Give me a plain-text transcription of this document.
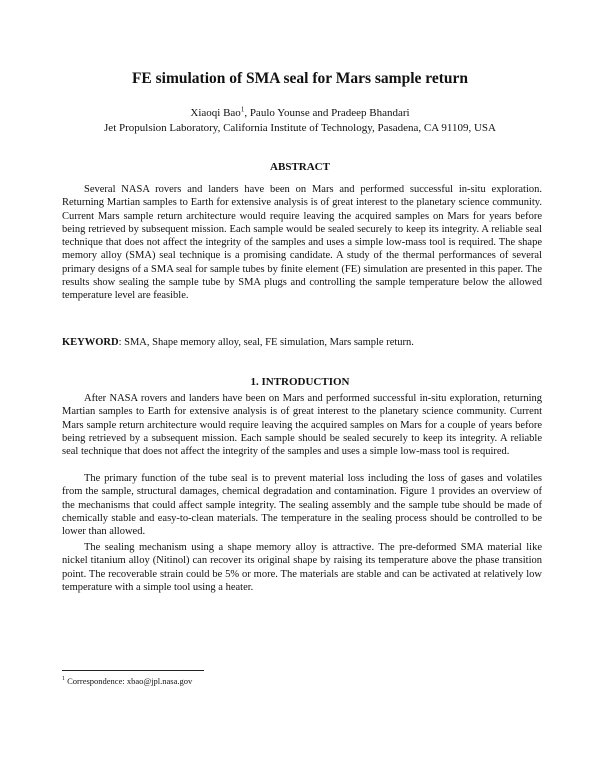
FE simulation of SMA seal for Mars sample return
Xiaoqi Bao$^1$, Paulo Younse and Pradeep Bhandari
Jet Propulsion Laboratory, California Institute of Technology, Pasadena, CA 91109, USA
ABSTRACT

Several NASA rovers and landers have been on Mars and performed successful in-situ exploration. Returning Martian samples to Earth for extensive analysis is of great interest to the planetary science community. Current Mars sample return architecture would require leaving the acquired samples on Mars for years before being retrieved by subsequent mission. Each sample would be sealed securely to keep its integrity. A reliable seal technique that does not affect the integrity of the samples and uses a simple low-mass tool is required. The shape memory alloy (SMA) seal technique is a promising candidate. A study of the thermal performances of several primary designs of a SMA seal for sample tubes by finite element (FE) simulation are presented in this paper. The results show sealing the sample tube by SMA plugs and controlling the sample temperature below the allowed temperature level are feasible.

KEYWORD: SMA, Shape memory alloy, seal, FE simulation, Mars sample return.

1. INTRODUCTION

After NASA rovers and landers have been on Mars and performed successful in-situ exploration, returning Martian samples to Earth for extensive analysis is of great interest to the planetary science community. Current Mars sample return architecture would require leaving the acquired samples on Mars for a couple of years before being retrieved by a subsequent mission. Each sample should be sealed securely to keep its integrity. A reliable seal technique that does not affect the integrity of the samples and uses a simple low-mass tool is required.

The primary function of the tube seal is to prevent material loss including the loss of gases and volatiles from the sample, structural damages, chemical degradation and contamination. Figure 1 provides an overview of the mechanisms that could affect sample integrity. The sealing assembly and the sample tube should be made of chemically stable and easy-to-clean materials. The temperature in the sealing process should be controlled to be lower than allowed.

The sealing mechanism using a shape memory alloy is attractive. The pre-deformed SMA material like nickel titanium alloy (Nitinol) can recover its original shape by raising its temperature above the phase transition point. The recoverable strain could be 5% or more. The materials are stable and can be activated at relatively low temperature with a simple tool using a heater.

$^1$ Correspondence: xbao@jpl.nasa.gov
